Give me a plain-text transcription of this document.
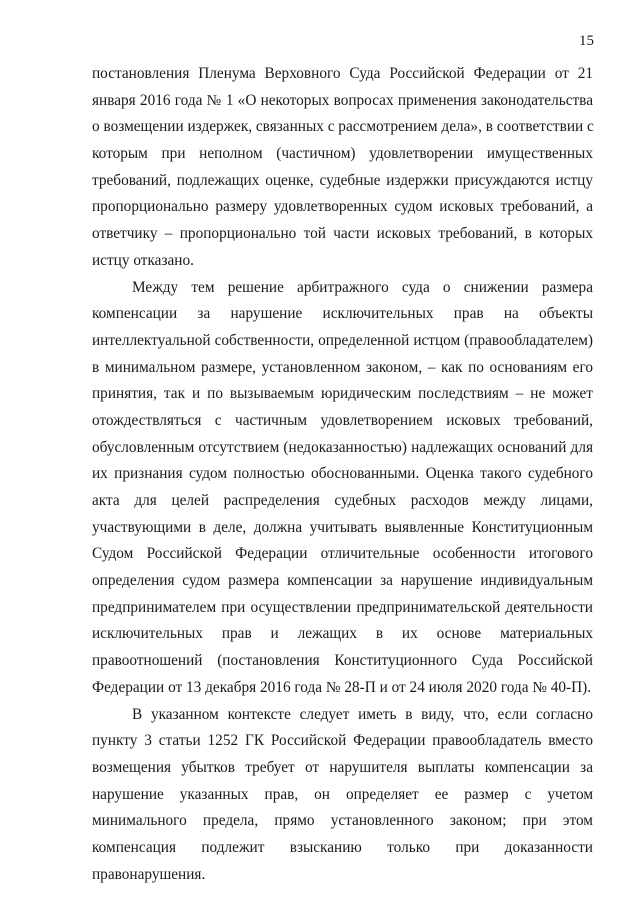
15
постановления Пленума Верховного Суда Российской Федерации от 21
января 2016 года № 1 «О некоторых вопросах применения законодательства
о возмещении издержек, связанных с рассмотрением дела», в соответствии с
которым при неполном (частичном) удовлетворении имущественных
требований, подлежащих оценке, судебные издержки присуждаются истцу
пропорционально размеру удовлетворенных судом исковых требований, а
ответчику – пропорционально той части исковых требований, в которых
истцу отказано.
Между тем решение арбитражного суда о снижении размера
компенсации за нарушение исключительных прав на объекты
интеллектуальной собственности, определенной истцом (правообладателем)
в минимальном размере, установленном законом, – как по основаниям его
принятия, так и по вызываемым юридическим последствиям – не может
отождествляться с частичным удовлетворением исковых требований,
обусловленным отсутствием (недоказанностью) надлежащих оснований для
их признания судом полностью обоснованными. Оценка такого судебного
акта для целей распределения судебных расходов между лицами,
участвующими в деле, должна учитывать выявленные Конституционным
Судом Российской Федерации отличительные особенности итогового
определения судом размера компенсации за нарушение индивидуальным
предпринимателем при осуществлении предпринимательской деятельности
исключительных прав и лежащих в их основе материальных
правоотношений (постановления Конституционного Суда Российской
Федерации от 13 декабря 2016 года № 28-П и от 24 июля 2020 года № 40-П).
В указанном контексте следует иметь в виду, что, если согласно
пункту 3 статьи 1252 ГК Российской Федерации правообладатель вместо
возмещения убытков требует от нарушителя выплаты компенсации за
нарушение указанных прав, он определяет ее размер с учетом
минимального предела, прямо установленного законом; при этом
компенсация подлежит взысканию только при доказанности
правонарушения.
